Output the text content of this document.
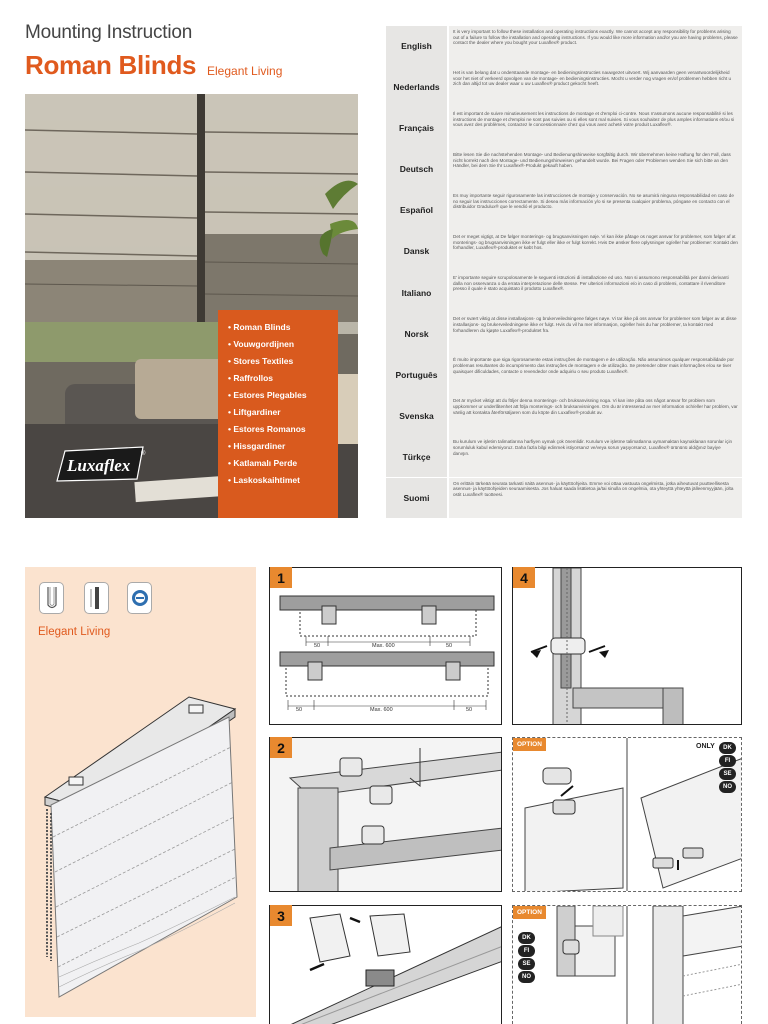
Mounting Instruction
Roman Blinds Elegant Living
• Roman Blinds
• Vouwgordijnen
• Stores Textiles
• Raffrollos
• Estores Plegables
• Liftgardiner
• Estores Romanos
• Hissgardiner
• Katlamalı Perde
• Laskoskaihtimet
Luxaflex
®
English
It is very important to follow these installation and operating instructions exactly. We cannot accept any responsibility for problems arising out of a failure to follow the installation and operating instructions. If you would like more information and/or you are having problems, please contact the dealer where you bought your Luxaflex® product.
Nederlands
Het is van belang dat u onderstaande montage- en bedieningsinstructies nauwgezet uitvoert. Wij aanvaarden geen verantwoordelijkheid voor het niet of verkeerd opvolgen van de montage- en bedieningsinstructies. Mocht u verder nog vragen en/of problemen hebben richt u zich dan altijd tot uw dealer waar u uw Luxaflex® product gekocht heeft.
Français
Il est important de suivre minutieusement les instructions de montage et d'emploi ci-contre. Nous n'assumons aucune responsabilité si les instructions de montage et d'emploi ne sont pas suivies ou si elles sont mal suivies. Si vous souhaitez de plus amples informations et/ou si vous avez des problèmes, contactez le concessionnaire chez qui vous avez acheté votre produit Luxaflex®.
Deutsch
Bitte lesen Sie die nachstehenden Montage- und Bedienungshinweise sorgfältig durch. Wir übernehmen keine Haftung für den Fall, dass nicht korrekt nach den Montage- und Bedienungshinweisen gehandelt wurde. Bei Fragen oder Problemen wenden Sie sich bitte an den Händler, bei dem Sie Ihr Luxaflex®-Produkt gekauft haben.
Español
Es muy importante seguir rigurosamente las instrucciones de montaje y conservación. No se asumirá ninguna responsabilidad en caso de no seguir las instrucciones correctamente. Si desea más información y/o si se presenta cualquier problema, póngase en contacto con el distribuidor Gradulux® que le vendió el producto.
Dansk
Det er meget vigtigt, at De følger monterings- og brugsanvisningen nøje. Vi kan ikke påtage os noget ansvar for problemer, som følger af at monterings- og brugsanvisningen ikke er fulgt eller ikke er fulgt korrekt. Hvis De ønsker flere oplysninger og/eller har problemer: Kontakt den forhandler, Luxaflex®-produktet er købt hos.
Italiano
E' importante seguire scrupolosamente le seguenti istruzioni di installazione ed uso. Non si assumono responsabilità per danni derivanti dalla non osservanza o da errata interpretazione delle stesse. Per ulteriori informazioni e/o in caso di problemi, contattare il rivenditore presso il quale è stato acquistato il prodotto Luxaflex®.
Norsk
Det er svært viktig at disse installasjons- og brukerveiledningene følges nøye. Vi tar ikke på oss ansvar for problemer som følger av at disse installasjons- og brukerveiledningene ikke er fulgt. Hvis du vil ha mer informasjon, og/eller hvis du har problemer, ta kontakt med forhandleren du kjøpte Luxaflex®-produktet fra.
Português
É muito importante que siga rigorosamente estas instruções de montagem e de utilização. Não assumimos qualquer responsabilidade por problemas resultantes do incumprimento das instruções de montagem e de utilização. Se pretender obter mais informações e/ou se tiver quaisquer dificuldades, contacte o revendedor onde adquiriu o seu produto Luxaflex®.
Svenska
Det är mycket viktigt att du följer denna monterings- och bruksanvisning noga. Vi kan inte påta oss något ansvar för problem som uppkommer ur underlåtenhet att följa monterings- och bruksanvisningen. Om du är intresserad av mer information och/eller har problem, var vänlig att kontakta återförsäljaren som du köpte din Luxaflex®-produkt av.
Türkçe
Bu kurulum ve işletim talimatlarına harfiyen uymak çok önemlidir. Kurulum ve işletme talimatlarına uymamaktan kaynaklanan sorunlar için sorumluluk kabul edemiyoruz. Daha fazla bilgi edinmek istiyorsanız ve/veya sorun yaşıyorsanız, Luxaflex® ürününü aldığınız bayiye danışın.
Suomi
On erittäin tärkeää seurata tarkasti näitä asennus- ja käyttöohjeita. Emme voi ottaa vastuuta ongelmista, jotka aiheutuvat puutteellisesta asennus- ja käyttöohjeiden seuraamisesta. Jos haluat saada lisätietoa ja/tai sinulla on ongelmia, ota yhteyttä yhteyttä jälleenmyyjään, jolta ostit Luxaflex® tuotteesi.
Elegant Living
1
50	Max. 600	50
50	Max. 600	50
4
2	OPTION	ONLY	DK
FI
SE
NO
3	OPTION
DK
FI
SE
NO
